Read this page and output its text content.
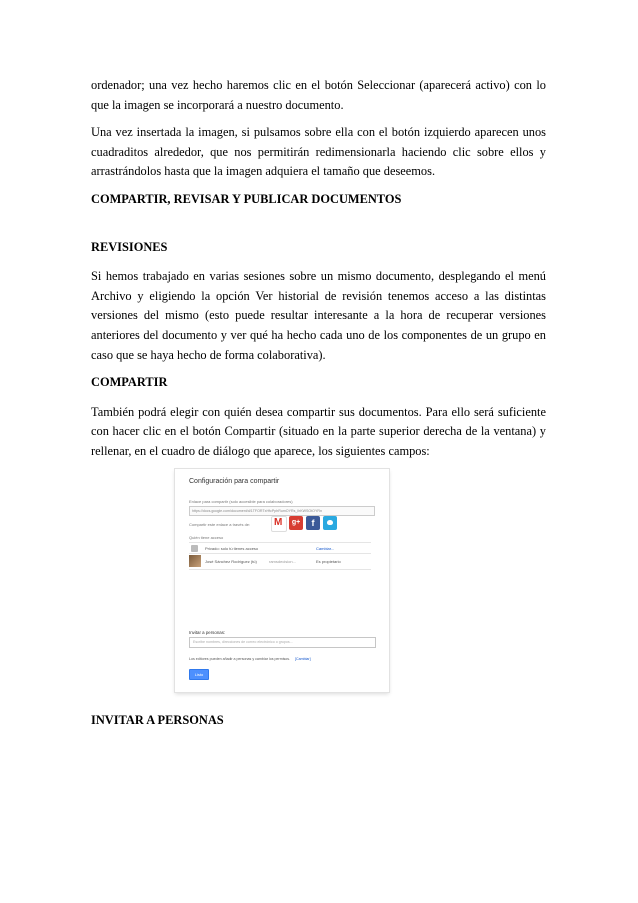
ordenador; una vez hecho haremos clic en el botón Seleccionar (aparecerá activo) con lo que la imagen se incorporará a nuestro documento.

Una vez insertada la imagen, si pulsamos sobre ella con el botón izquierdo aparecen unos cuadraditos alrededor, que nos permitirán redimensionarla haciendo clic sobre ellos y arrastrándolos hasta que la imagen adquiera el tamaño que deseemos.

COMPARTIR, REVISAR Y PUBLICAR DOCUMENTOS
REVISIONES

Si hemos trabajado en varias sesiones sobre un mismo documento, desplegando el menú Archivo y eligiendo la opción Ver historial de revisión tenemos acceso a las distintas versiones del mismo (esto puede resultar interesante a la hora de recuperar versiones anteriores del documento y ver qué ha hecho cada uno de los componentes de un grupo en caso que se haya hecho de forma colaborativa).

COMPARTIR

También podrá elegir con quién desea compartir sus documentos. Para ello será suficiente con hacer clic en el botón Compartir (situado en la parte superior derecha de la ventana) y rellenar, en el cuadro de diálogo que aparece, los siguientes campos:

Configuración para compartir
Enlace para compartir (solo accesible para colaboradores)
https://docs.google.com/document/d/1TFORTxHfcPphRumOYRs_lhKWSOtOYRn
Compartir este enlace a través de:
M	g+	f
Quién tiene acceso
Privado: solo tú tienes acceso	Cambiar...
José Sánchez Rodríguez (tú)	ramsdecision...	Es propietario
Invitar a personas:
Escribe nombres, direcciones de correo electrónico o grupos...
Los editores pueden añadir a personas y cambiar los permisos. [Cambiar]
Listo
INVITAR A PERSONAS
